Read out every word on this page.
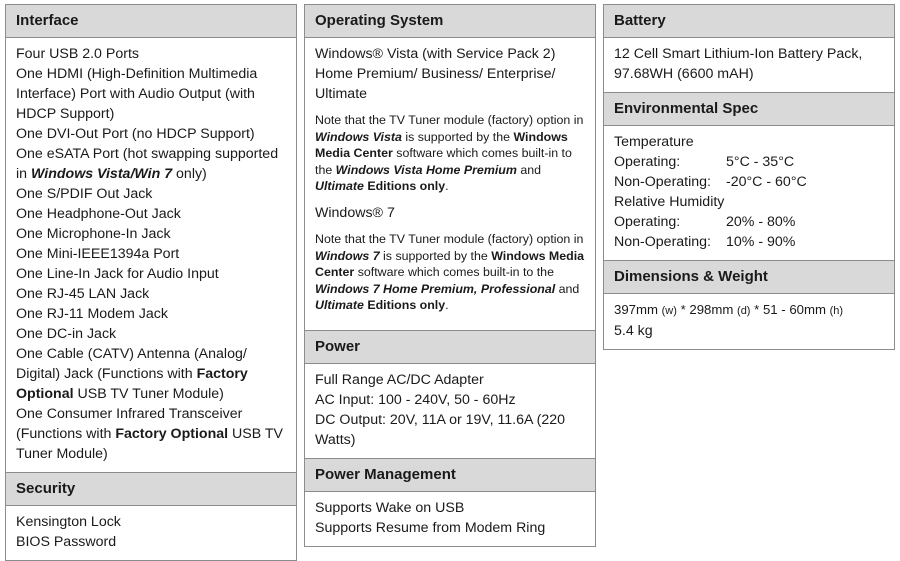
Interface

Four USB 2.0 Ports

One HDMI (High-Definition Multimedia Interface) Port with Audio Output (with HDCP Support)

One DVI-Out Port (no HDCP Support)

One eSATA Port (hot swapping supported in Windows Vista/Win 7 only)

One S/PDIF Out Jack

One Headphone-Out Jack

One Microphone-In Jack

One Mini-IEEE1394a Port

One Line-In Jack for Audio Input

One RJ-45 LAN Jack

One RJ-11 Modem Jack

One DC-in Jack

One Cable (CATV) Antenna (Analog/ Digital) Jack (Functions with Factory Optional USB TV Tuner Module)

One Consumer Infrared Transceiver (Functions with Factory Optional USB TV Tuner Module)

Security

Kensington Lock

BIOS Password

Operating System

Windows® Vista (with Service Pack 2) Home Premium/ Business/ Enterprise/ Ultimate

Note that the TV Tuner module (factory) option in Windows Vista is supported by the Windows Media Center software which comes built-in to the Windows Vista Home Premium and Ultimate Editions only.

Windows® 7

Note that the TV Tuner module (factory) option in Windows 7 is supported by the Windows Media Center software which comes built-in to the Windows 7 Home Premium, Professional and Ultimate Editions only.

Power

Full Range AC/DC Adapter

AC Input: 100 - 240V, 50 - 60Hz

DC Output: 20V, 11A or 19V, 11.6A (220 Watts)

Power Management

Supports Wake on USB

Supports Resume from Modem Ring

Battery

12 Cell Smart Lithium-Ion Battery Pack, 97.68WH (6600 mAH)

Environmental Spec

Temperature

Operating:	5°C - 35°C
Non-Operating:	-20°C - 60°C

Relative Humidity

Operating:	20% - 80%
Non-Operating:	10% - 90%
Dimensions & Weight

397mm (w) * 298mm (d) * 51 - 60mm (h)

5.4 kg
